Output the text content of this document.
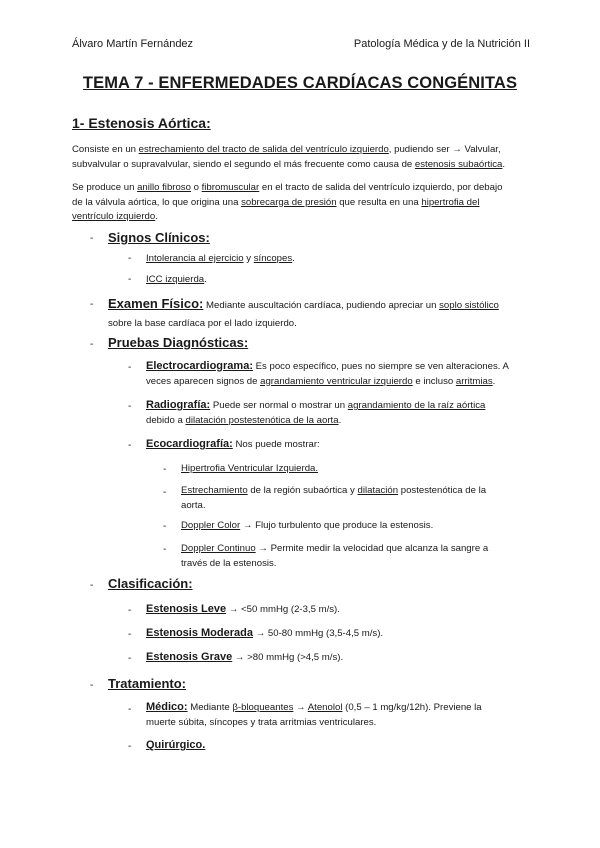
Álvaro Martín Fernández	Patología Médica y de la Nutrición II
TEMA 7 - ENFERMEDADES CARDÍACAS CONGÉNITAS
1- Estenosis Aórtica:
Consiste en un estrechamiento del tracto de salida del ventrículo izquierdo, pudiendo ser → Valvular,
subvalvular o supravalvular, siendo el segundo el más frecuente como causa de estenosis subaórtica.
Se produce un anillo fibroso o fibromuscular en el tracto de salida del ventrículo izquierdo, por debajo
de la válvula aórtica, lo que origina una sobrecarga de presión que resulta en una hipertrofia del
ventrículo izquierdo.
- Signos Clínicos:
- Intolerancia al ejercicio y síncopes.
- ICC izquierda.
- Examen Físico: Mediante auscultación cardíaca, pudiendo apreciar un soplo sistólico
sobre la base cardíaca por el lado izquierdo.
- Pruebas Diagnósticas:
- Electrocardiograma: Es poco específico, pues no siempre se ven alteraciones. A
veces aparecen signos de agrandamiento ventricular izquierdo e incluso arritmias.
- Radiografía: Puede ser normal o mostrar un agrandamiento de la raíz aórtica
debido a dilatación postestenótica de la aorta.
- Ecocardiografía: Nos puede mostrar:
- Hipertrofia Ventricular Izquierda.
- Estrechamiento de la región subaórtica y dilatación postestenótica de la
aorta.
- Doppler Color → Flujo turbulento que produce la estenosis.
- Doppler Continuo → Permite medir la velocidad que alcanza la sangre a
través de la estenosis.
- Clasificación:
- Estenosis Leve → <50 mmHg (2-3,5 m/s).
- Estenosis Moderada → 50-80 mmHg (3,5-4,5 m/s).
- Estenosis Grave → >80 mmHg (>4,5 m/s).
- Tratamiento:
- Médico: Mediante β-bloqueantes → Atenolol (0,5 – 1 mg/kg/12h). Previene la
muerte súbita, síncopes y trata arritmias ventriculares.
- Quirúrgico.
